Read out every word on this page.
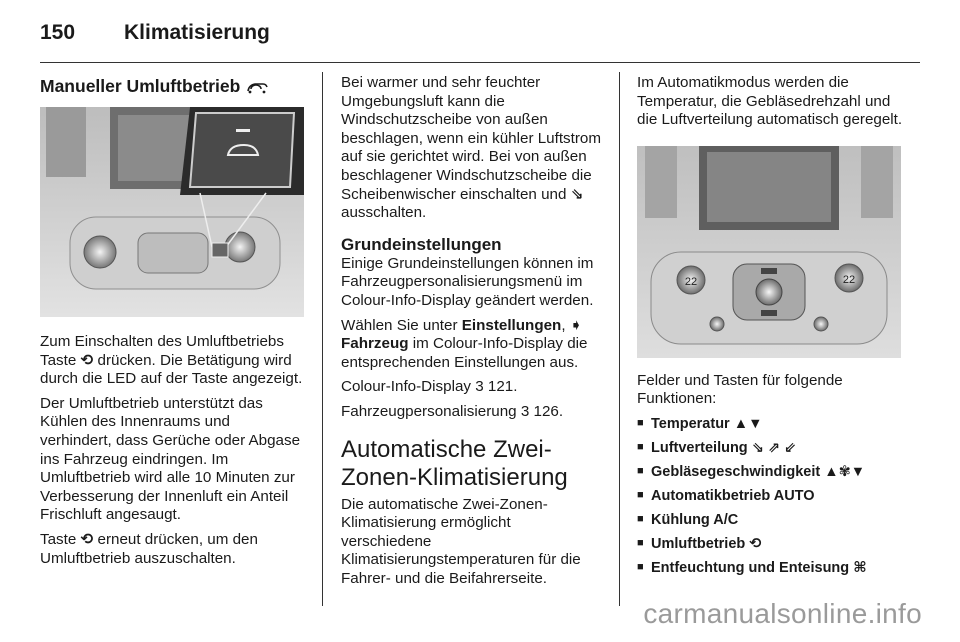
150 Klimatisierung
Manueller Umluftbetrieb

Zum Einschalten des Umluftbetriebs Taste ⟲ drücken. Die Betätigung wird durch die LED auf der Taste angezeigt.

Der Umluftbetrieb unterstützt das Kühlen des Innenraums und verhindert, dass Gerüche oder Abgase ins Fahrzeug eindringen. Im Umluftbetrieb wird alle 10 Minuten zur Verbesserung der Innenluft ein Anteil Frischluft angesaugt.

Taste ⟲ erneut drücken, um den Umluftbetrieb auszuschalten.

Bei warmer und sehr feuchter Umgebungsluft kann die Windschutzscheibe von außen beschlagen, wenn ein kühler Luftstrom auf sie gerichtet wird. Bei von außen beschlagener Windschutzscheibe die Scheibenwischer einschalten und ⇘ ausschalten.

Grundeinstellungen

Einige Grundeinstellungen können im Fahrzeugpersonalisierungsmenü im Colour-Info-Display geändert werden.

Wählen Sie unter Einstellungen, ➧ Fahrzeug im Colour-Info-Display die entsprechenden Einstellungen aus.

Colour-Info-Display 3 121.

Fahrzeugpersonalisierung 3 126.

Automatische Zwei-Zonen-Klimatisierung

Die automatische Zwei-Zonen-Klimatisierung ermöglicht verschiedene Klimatisierungstemperaturen für die Fahrer- und die Beifahrerseite.

Im Automatikmodus werden die Temperatur, die Gebläsedrehzahl und die Luftverteilung automatisch geregelt.

22	22

Felder und Tasten für folgende Funktionen:

■ Temperatur ▲▼
■ Luftverteilung ⇘ ⇗ ⇙
■ Gebläsegeschwindigkeit ▲✾▼
■ Automatikbetrieb AUTO
■ Kühlung A/C
■ Umluftbetrieb ⟲
■ Entfeuchtung und Enteisung ⌘
carmanualsonline.info
